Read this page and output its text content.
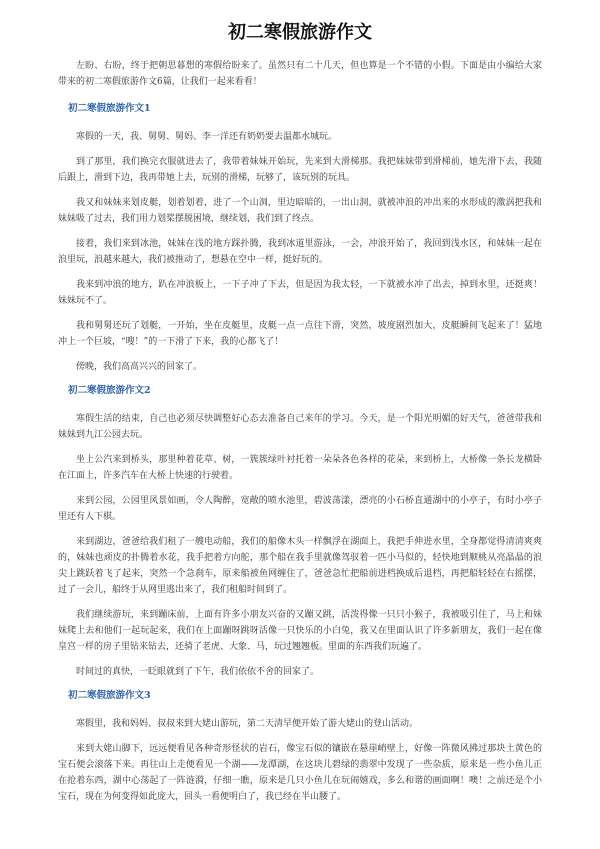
初二寒假旅游作文

左盼、右盼，终于把朝思暮想的寒假给盼来了。虽然只有二十几天，但也算是一个不错的小假。下面是由小编给大家带来的初二寒假旅游作文6篇，让我们一起来看看！

初二寒假旅游作文1

寒假的一天，我、舅舅、舅妈、李一洋还有奶奶要去温都水城玩。

到了那里，我们换完衣服就进去了，我带着妹妹开始玩，先来到大滑梯那。我把妹妹带到滑梯前，她先滑下去，我随后跟上，滑到下边，我再带她上去，玩别的滑梯，玩够了，该玩别的玩具。

我又和妹妹来划皮艇，划着划着，进了一个山洞，里边暗暗的，一出山洞，就被冲浪的冲出来的水形成的激涡把我和妹妹吸了过去，我们用力划桨摆脱困境，继续划，我们到了终点。

接着，我们来到冰池，妹妹在浅的地方踩扑腾，我到冰道里游泳，一会，冲浪开始了，我回到浅水区，和妹妹一起在浪里玩，浪越来越大，我们被推动了，想悬在空中一样，挺好玩的。

我来到冲浪的地方，趴在冲浪板上，一下子冲了下去，但是因为我太轻，一下就被水冲了出去，掉到水里，还挺爽！妹妹玩不了。

我和舅舅还玩了划艇，一开始，坐在皮艇里，皮艇一点一点往下滑，突然，坡度剧烈加大，皮艇瞬间飞起来了！猛地冲上一个巨坡，“嗖！”的一下滑了下来，我的心都飞了！

傍晚，我们高高兴兴的回家了。

初二寒假旅游作文2

寒假生活的结束，自己也必须尽快调整好心态去准备自己来年的学习。今天，是一个阳光明媚的好天气，爸爸带我和妹妹到九江公园去玩。

坐上公汽来到桥头，那里种着花草、树，一簇簇绿叶衬托着一朵朵各色各样的花朵，来到桥上，大桥像一条长龙横卧在江面上，许多汽车在大桥上快速的行驶着。

来到公园，公园里风景如画，令人陶醉，宽敞的喷水池里，碧波荡漾，漂亮的小石桥直通湖中的小亭子，有时小亭子里还有人下棋。

来到湖边，爸爸给我们租了一艘电动船，我们的船像木头一样飘浮在湖面上，我把手伸进水里，全身都觉得清清爽爽的，妹妹也顽皮的扑腾着水花，我手把着方向舵，那个船在我手里就像驾驭着一匹小马似的，轻快地到顺桃从亮晶晶的浪尖上跳跃着飞了起来，突然一个急刹车，原来船被鱼网缠住了，爸爸急忙把船前进档换成后退档，再把船轻轻在右摇摆，过了一会儿，船终于从网里逃出来了，我们租船时间到了。

我们继续游玩，来到蹦床前，上面有许多小朋友兴奋的又蹦又跳，活泼得像一只只小猴子，我被吸引住了，马上和妹妹爬上去和他们一起玩起来，我们在上面蹦呀跳呀活像一只快乐的小白兔，我又在里面认识了许多新朋友，我们一起在像皇宫一样的房子里钻来钻去，还骑了老虎、大象、马，玩过翘翘板。里面的东西我们玩遍了。

时间过的真快，一眨眼就到了下午，我们依依不舍的回家了。

初二寒假旅游作文3

寒假里，我和妈妈、叔叔来到大姥山游玩，第二天清早便开始了游大姥山的登山活动。

来到大姥山脚下，远远便看见各种奇形怪状的岩石，像宝石似的镶嵌在悬崖峭壁上，好像一阵微风拂过那块土黄色的宝石便会滚落下来。再往山上走便看见一个湖——龙潭湖，在这块儿碧绿的翡翠中发现了一些杂质，原来是一些小鱼儿正在抢着东西，湖中心荡起了一阵涟漪，仔细一瞧，原来是几只小鱼儿在玩闹嬉戏，多么和谐的画面啊！噢！之前还是个小宝石，现在为何变得如此庞大，回头一看便明白了，我已经在半山腰了。
